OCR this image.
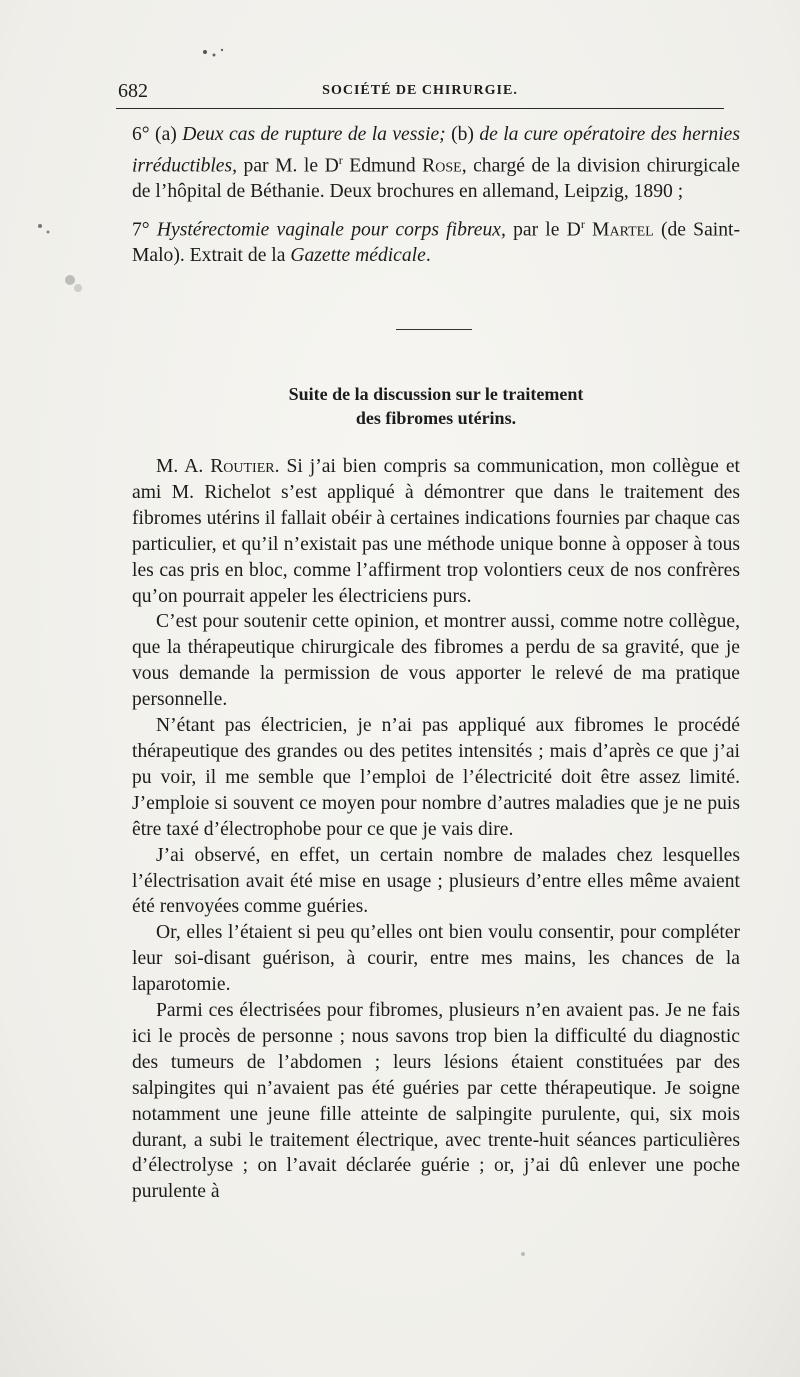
682	SOCIÉTÉ DE CHIRURGIE.

6° (a) Deux cas de rupture de la vessie; (b) de la cure opératoire des hernies irréductibles, par M. le $D^r$ Edmund Rose, chargé de la division chirurgicale de l’hôpital de Béthanie. Deux brochures en allemand, Leipzig, 1890 ;

7° Hystérectomie vaginale pour corps fibreux, par le $D^r$ Martel (de Saint-Malo). Extrait de la Gazette médicale.

Suite de la discussion sur le traitement
des fibromes utérins.

M. A. Routier. Si j’ai bien compris sa communication, mon collègue et ami M. Richelot s’est appliqué à démontrer que dans le traitement des fibromes utérins il fallait obéir à certaines indications fournies par chaque cas particulier, et qu’il n’existait pas une méthode unique bonne à opposer à tous les cas pris en bloc, comme l’affirment trop volontiers ceux de nos confrères qu’on pourrait appeler les électriciens purs.

C’est pour soutenir cette opinion, et montrer aussi, comme notre collègue, que la thérapeutique chirurgicale des fibromes a perdu de sa gravité, que je vous demande la permission de vous apporter le relevé de ma pratique personnelle.

N’étant pas électricien, je n’ai pas appliqué aux fibromes le procédé thérapeutique des grandes ou des petites intensités ; mais d’après ce que j’ai pu voir, il me semble que l’emploi de l’électricité doit être assez limité. J’emploie si souvent ce moyen pour nombre d’autres maladies que je ne puis être taxé d’électrophobe pour ce que je vais dire.

J’ai observé, en effet, un certain nombre de malades chez lesquelles l’électrisation avait été mise en usage ; plusieurs d’entre elles même avaient été renvoyées comme guéries.

Or, elles l’étaient si peu qu’elles ont bien voulu consentir, pour compléter leur soi-disant guérison, à courir, entre mes mains, les chances de la laparotomie.

Parmi ces électrisées pour fibromes, plusieurs n’en avaient pas. Je ne fais ici le procès de personne ; nous savons trop bien la difficulté du diagnostic des tumeurs de l’abdomen ; leurs lésions étaient constituées par des salpingites qui n’avaient pas été guéries par cette thérapeutique. Je soigne notamment une jeune fille atteinte de salpingite purulente, qui, six mois durant, a subi le traitement électrique, avec trente-huit séances particulières d’électrolyse ; on l’avait déclarée guérie ; or, j’ai dû enlever une poche purulente à
